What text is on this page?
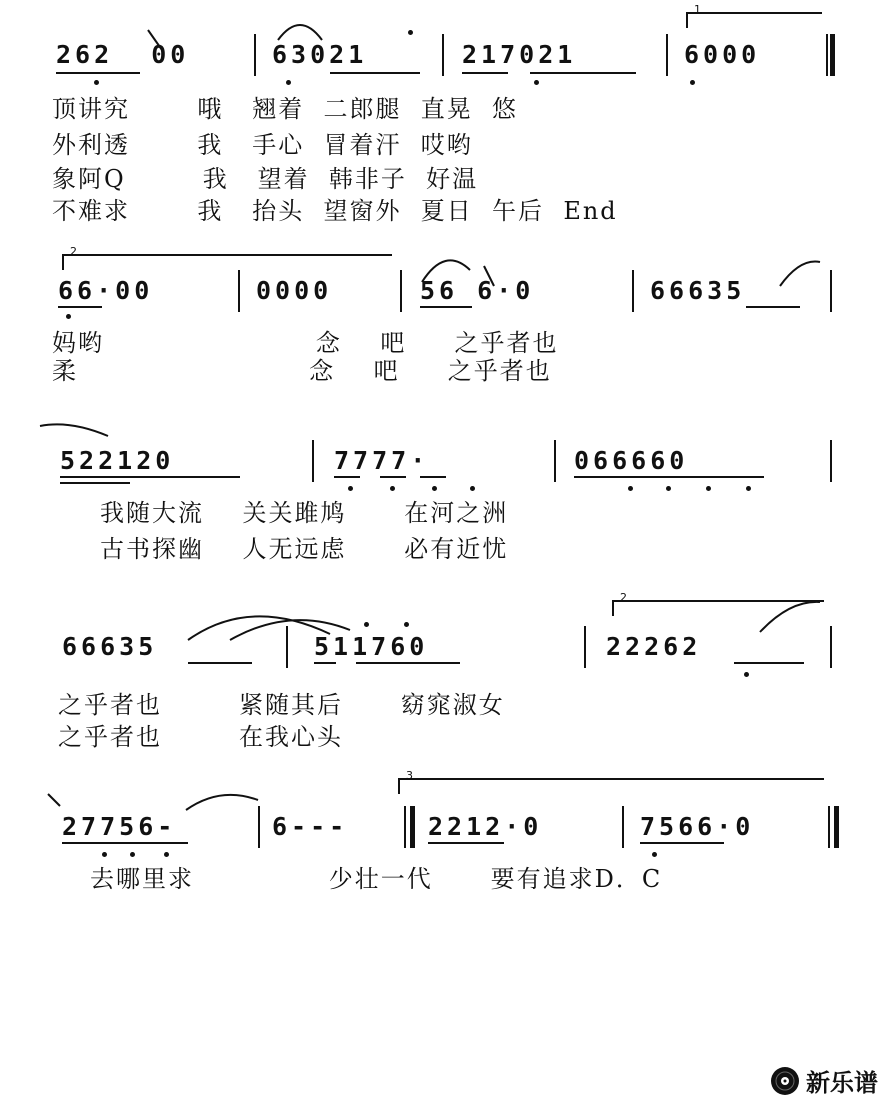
1
262  00	63021	217021	6000
顶讲究       哦   翘着  二郎腿  直晃  悠
外利透       我   手心  冒着汗  哎哟
象阿Q        我   望着  韩非子  好温
不难求       我   抬头  望窗外  夏日  午后  End
2
66·00	0000	56 6·0	66635
妈哟                      念    吧     之乎者也
柔                        念    吧     之乎者也
522120	7777·	066660
我随大流    关关雎鸠      在河之洲
古书探幽    人无远虑      必有近忧
2
66635	511760	22262
之乎者也        紧随其后      窈窕淑女
之乎者也        在我心头
3
27756-	6---	2212·0	7566·0
去哪里求              少壮一代      要有追求D．C
新乐谱
